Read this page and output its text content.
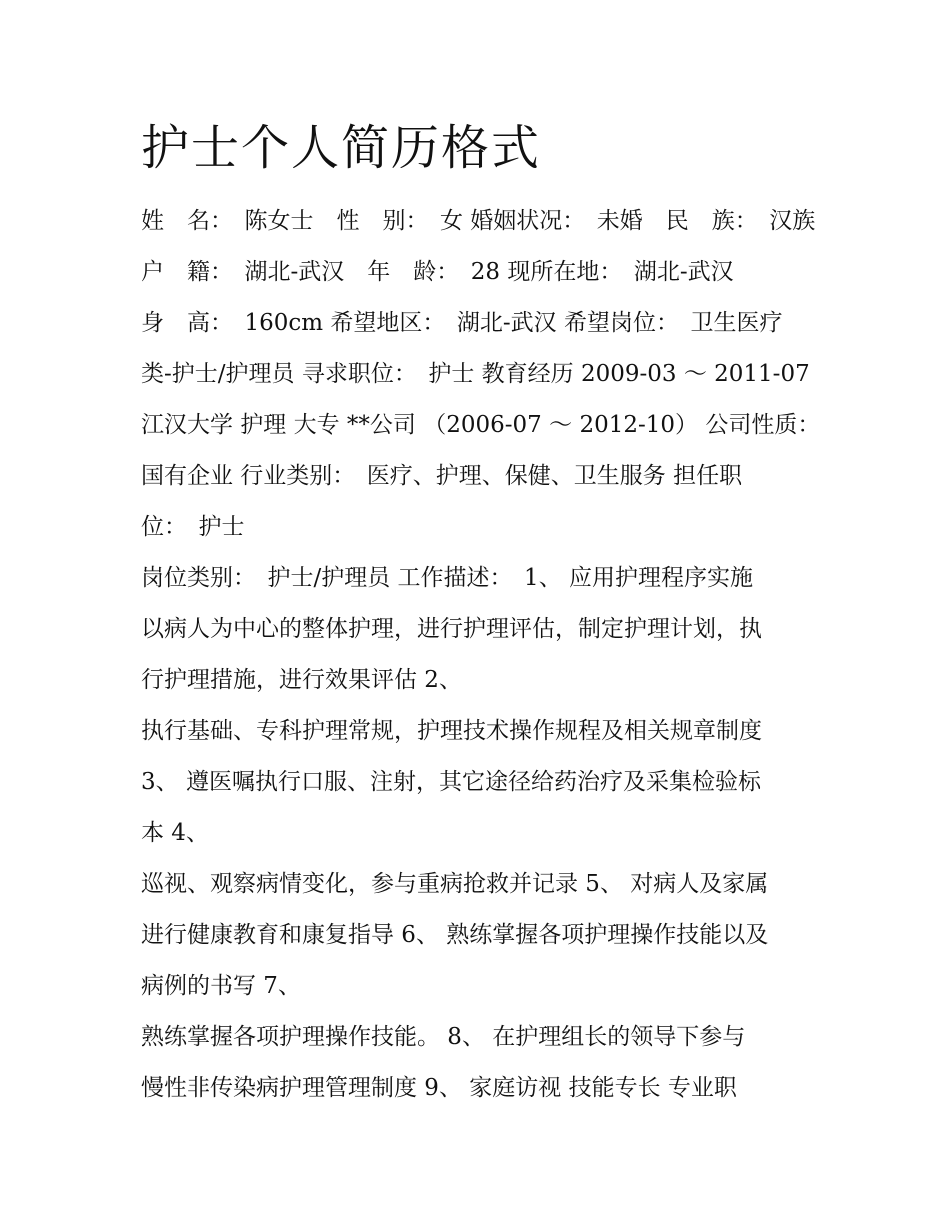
护士个人简历格式
姓　名：　陈女士　性　别：　女 婚姻状况：　未婚　民　族：　汉族
户　籍：　湖北-武汉　年　龄：　28 现所在地：　湖北-武汉
身　高：　160cm 希望地区：　湖北-武汉 希望岗位：　卫生医疗
类-护士/护理员 寻求职位：　护士 教育经历 2009-03 ～ 2011-07
江汉大学 护理 大专 **公司 （2006-07 ～ 2012-10） 公司性质：
国有企业 行业类别：　医疗、护理、保健、卫生服务 担任职
位：　护士
岗位类别：　护士/护理员 工作描述：　1、 应用护理程序实施
以病人为中心的整体护理，进行护理评估，制定护理计划，执
行护理措施，进行效果评估 2、
执行基础、专科护理常规，护理技术操作规程及相关规章制度
3、 遵医嘱执行口服、注射，其它途径给药治疗及采集检验标
本 4、
巡视、观察病情变化，参与重病抢救并记录 5、 对病人及家属
进行健康教育和康复指导 6、 熟练掌握各项护理操作技能以及
病例的书写 7、
熟练掌握各项护理操作技能。 8、 在护理组长的领导下参与
慢性非传染病护理管理制度 9、 家庭访视 技能专长 专业职
